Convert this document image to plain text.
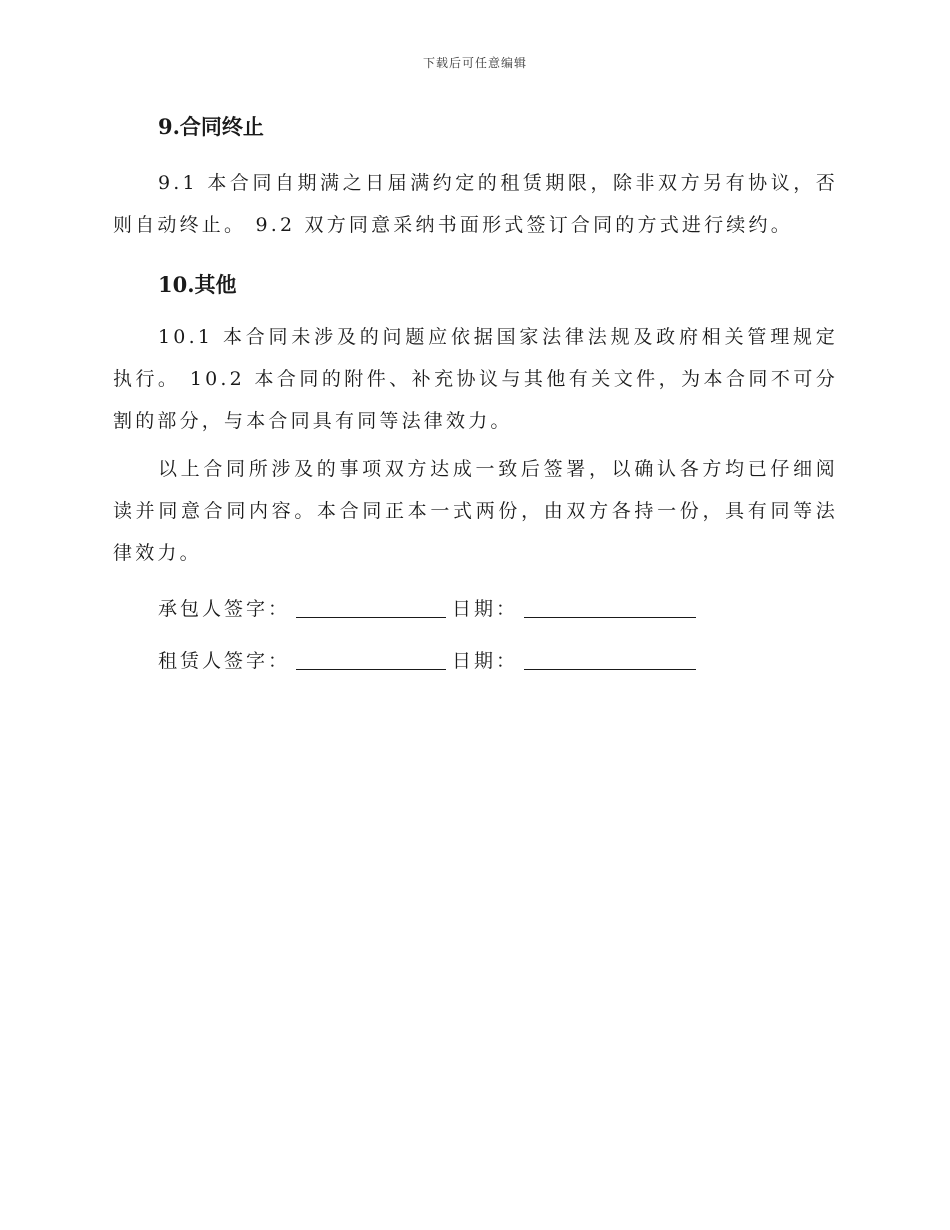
下载后可任意编辑
9.合同终止

9.1 本合同自期满之日届满约定的租赁期限，除非双方另有协议，否则自动终止。 9.2 双方同意采纳书面形式签订合同的方式进行续约。

10.其他

10.1 本合同未涉及的问题应依据国家法律法规及政府相关管理规定执行。 10.2 本合同的附件、补充协议与其他有关文件，为本合同不可分割的部分，与本合同具有同等法律效力。

以上合同所涉及的事项双方达成一致后签署，以确认各方均已仔细阅读并同意合同内容。本合同正本一式两份，由双方各持一份，具有同等法律效力。

承包人签字：	日期：
租赁人签字：	日期：
